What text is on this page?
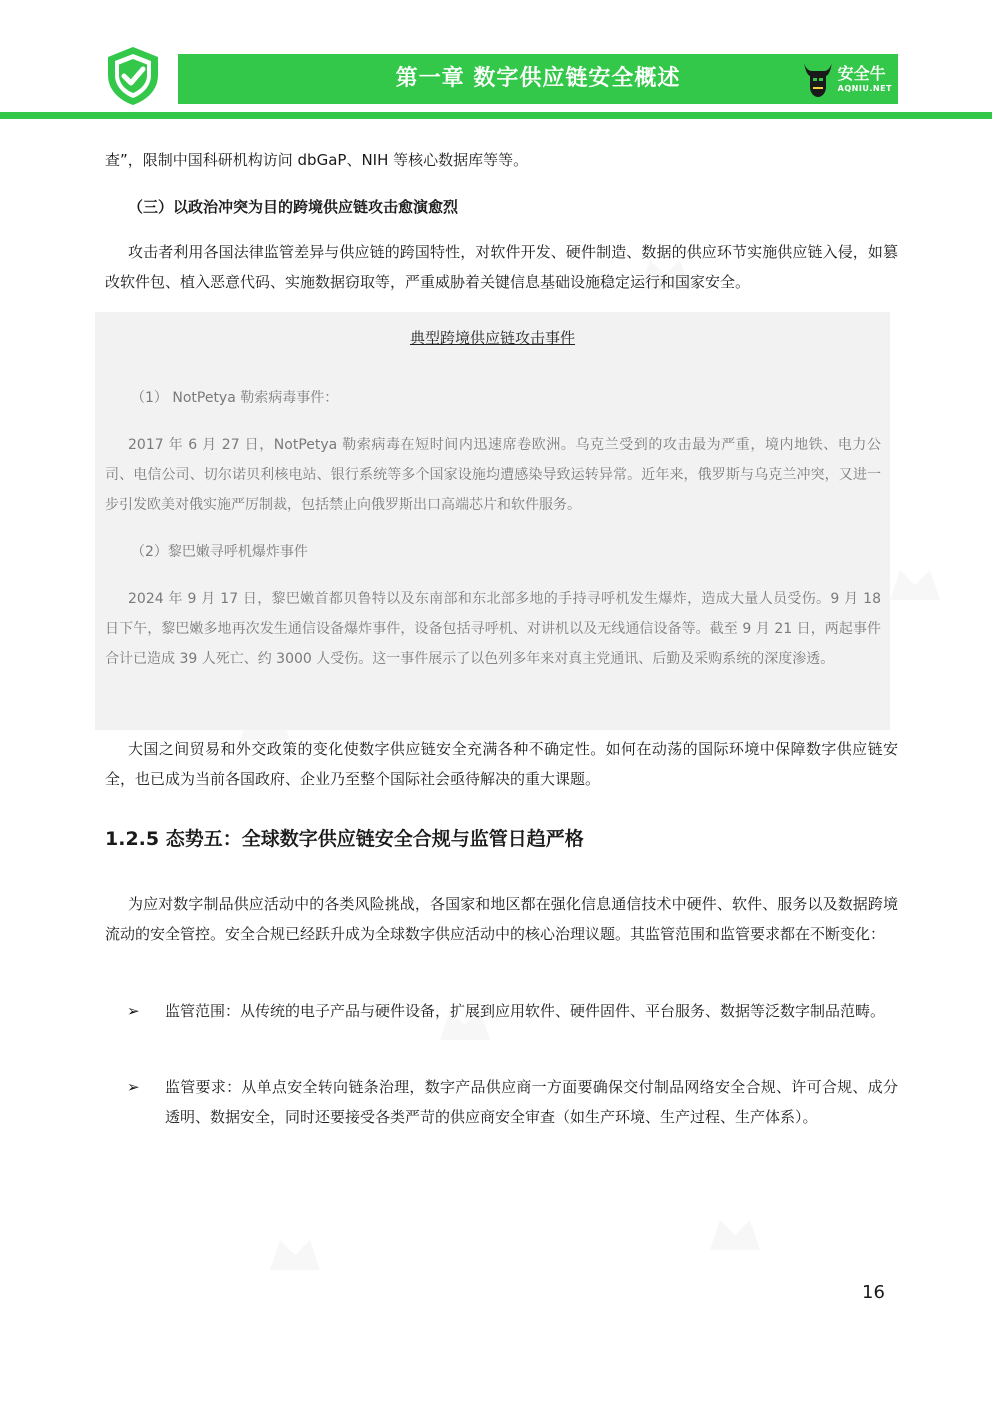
第一章 数字供应链安全概述	安全牛
AQNIU.NET

查”，限制中国科研机构访问 dbGaP、NIH 等核心数据库等等。

（三）以政治冲突为目的跨境供应链攻击愈演愈烈

攻击者利用各国法律监管差异与供应链的跨国特性，对软件开发、硬件制造、数据的供应环节实施供应链入侵，如篡改软件包、植入恶意代码、实施数据窃取等，严重威胁着关键信息基础设施稳定运行和国家安全。

典型跨境供应链攻击事件

（1） NotPetya 勒索病毒事件：

2017 年 6 月 27 日，NotPetya 勒索病毒在短时间内迅速席卷欧洲。乌克兰受到的攻击最为严重，境内地铁、电力公司、电信公司、切尔诺贝利核电站、银行系统等多个国家设施均遭感染导致运转异常。近年来，俄罗斯与乌克兰冲突，又进一步引发欧美对俄实施严厉制裁，包括禁止向俄罗斯出口高端芯片和软件服务。

（2）黎巴嫩寻呼机爆炸事件

2024 年 9 月 17 日，黎巴嫩首都贝鲁特以及东南部和东北部多地的手持寻呼机发生爆炸，造成大量人员受伤。9 月 18 日下午，黎巴嫩多地再次发生通信设备爆炸事件，设备包括寻呼机、对讲机以及无线通信设备等。截至 9 月 21 日，两起事件合计已造成 39 人死亡、约 3000 人受伤。这一事件展示了以色列多年来对真主党通讯、后勤及采购系统的深度渗透。

大国之间贸易和外交政策的变化使数字供应链安全充满各种不确定性。如何在动荡的国际环境中保障数字供应链安全，也已成为当前各国政府、企业乃至整个国际社会亟待解决的重大课题。

1.2.5 态势五：全球数字供应链安全合规与监管日趋严格

为应对数字制品供应活动中的各类风险挑战，各国家和地区都在强化信息通信技术中硬件、软件、服务以及数据跨境流动的安全管控。安全合规已经跃升成为全球数字供应活动中的核心治理议题。其监管范围和监管要求都在不断变化：

➢ 监管范围：从传统的电子产品与硬件设备，扩展到应用软件、硬件固件、平台服务、数据等泛数字制品范畴。

➢ 监管要求：从单点安全转向链条治理，数字产品供应商一方面要确保交付制品网络安全合规、许可合规、成分透明、数据安全，同时还要接受各类严苛的供应商安全审查（如生产环境、生产过程、生产体系）。

16
